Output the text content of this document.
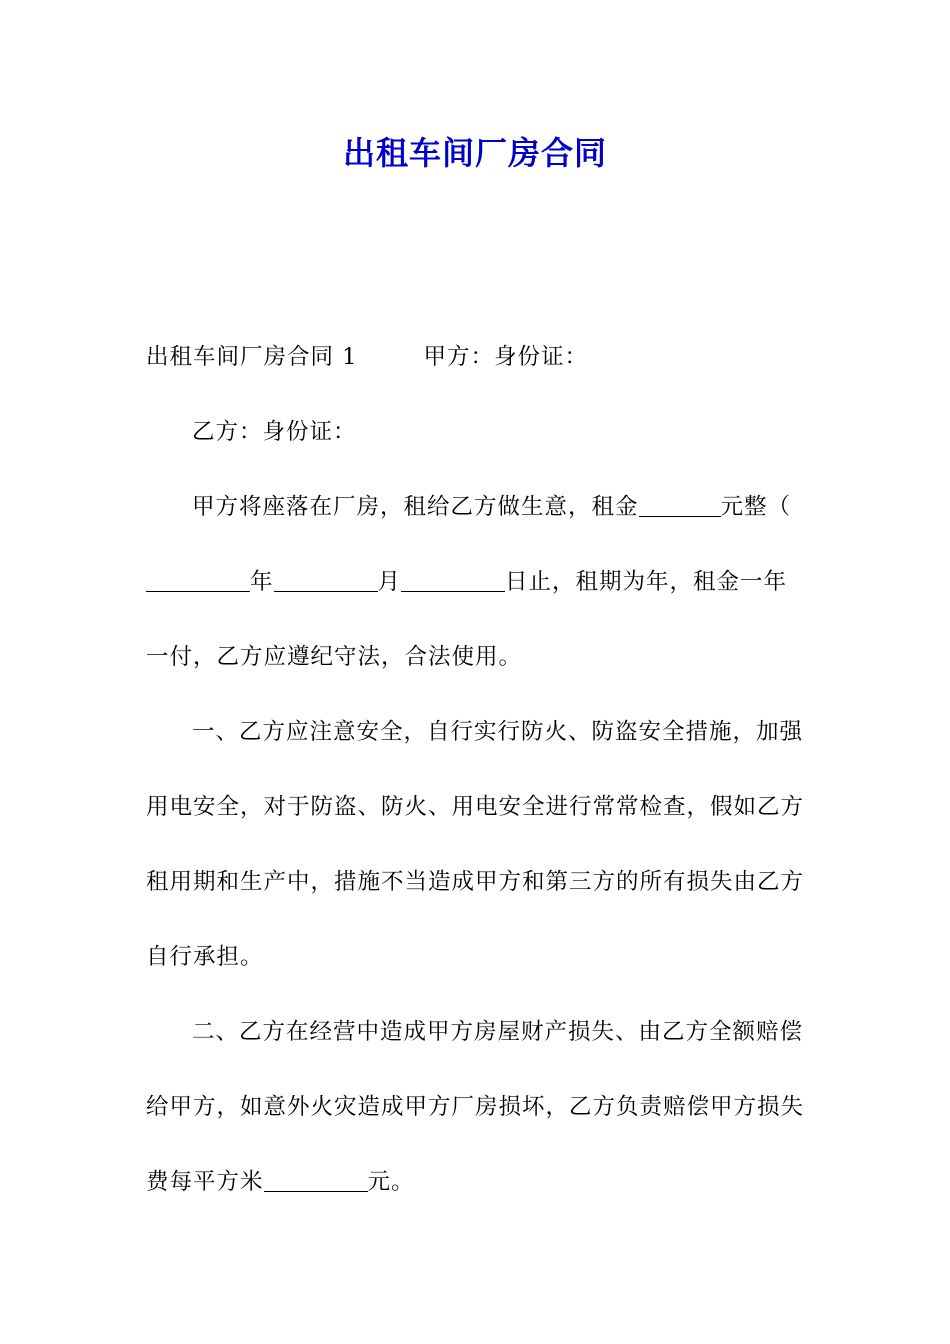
出租车间厂房合同

出租车间厂房合同 1	甲方：身份证：

乙方：身份证：

甲方将座落在厂房，租给乙方做生意，租金	元整（年	月	日止，租期为年，租金一年一付，乙方应遵纪守法，合法使用。

一、乙方应注意安全，自行实行防火、防盗安全措施，加强用电安全，对于防盗、防火、用电安全进行常常检查，假如乙方租用期和生产中，措施不当造成甲方和第三方的所有损失由乙方自行承担。

二、乙方在经营中造成甲方房屋财产损失、由乙方全额赔偿给甲方，如意外火灾造成甲方厂房损坏，乙方负责赔偿甲方损失费每平方米	元。
